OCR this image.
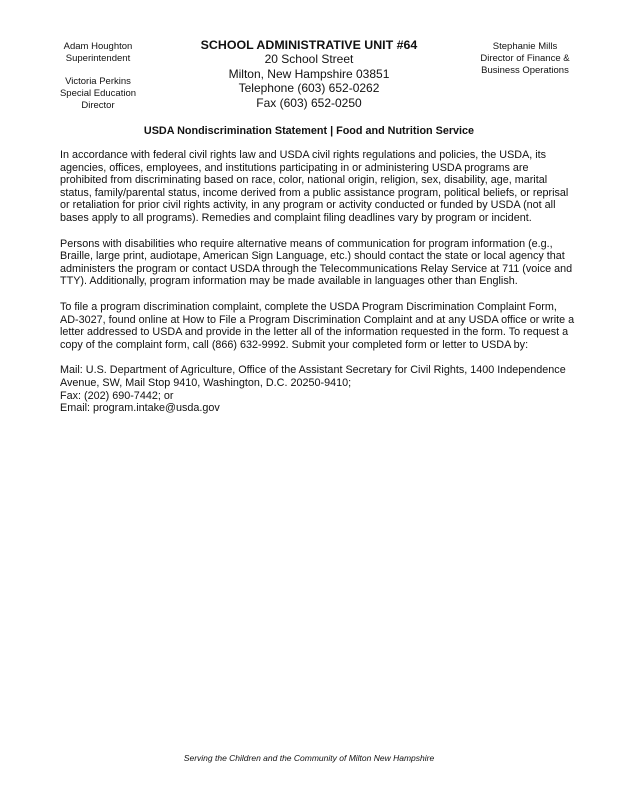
Adam Houghton

Superintendent

Victoria Perkins

Special Education

Director

SCHOOL ADMINISTRATIVE UNIT #64

20 School Street

Milton, New Hampshire 03851

Telephone (603) 652-0262

Fax (603) 652-0250

Stephanie Mills

Director of Finance &

Business Operations

USDA Nondiscrimination Statement | Food and Nutrition Service

In accordance with federal civil rights law and USDA civil rights regulations and policies, the USDA, its agencies, offices, employees, and institutions participating in or administering USDA programs are prohibited from discriminating based on race, color, national origin, religion, sex, disability, age, marital status, family/parental status, income derived from a public assistance program, political beliefs, or reprisal or retaliation for prior civil rights activity, in any program or activity conducted or funded by USDA (not all bases apply to all programs). Remedies and complaint filing deadlines vary by program or incident.

Persons with disabilities who require alternative means of communication for program information (e.g., Braille, large print, audiotape, American Sign Language, etc.) should contact the state or local agency that administers the program or contact USDA through the Telecommunications Relay Service at 711 (voice and TTY). Additionally, program information may be made available in languages other than English.

To file a program discrimination complaint, complete the USDA Program Discrimination Complaint Form, AD-3027, found online at How to File a Program Discrimination Complaint and at any USDA office or write a letter addressed to USDA and provide in the letter all of the information requested in the form. To request a copy of the complaint form, call (866) 632-9992. Submit your completed form or letter to USDA by:

Mail: U.S. Department of Agriculture, Office of the Assistant Secretary for Civil Rights, 1400 Independence Avenue, SW, Mail Stop 9410, Washington, D.C. 20250-9410;

Fax: (202) 690-7442; or

Email: program.intake@usda.gov

Serving the Children and the Community of Milton New Hampshire
